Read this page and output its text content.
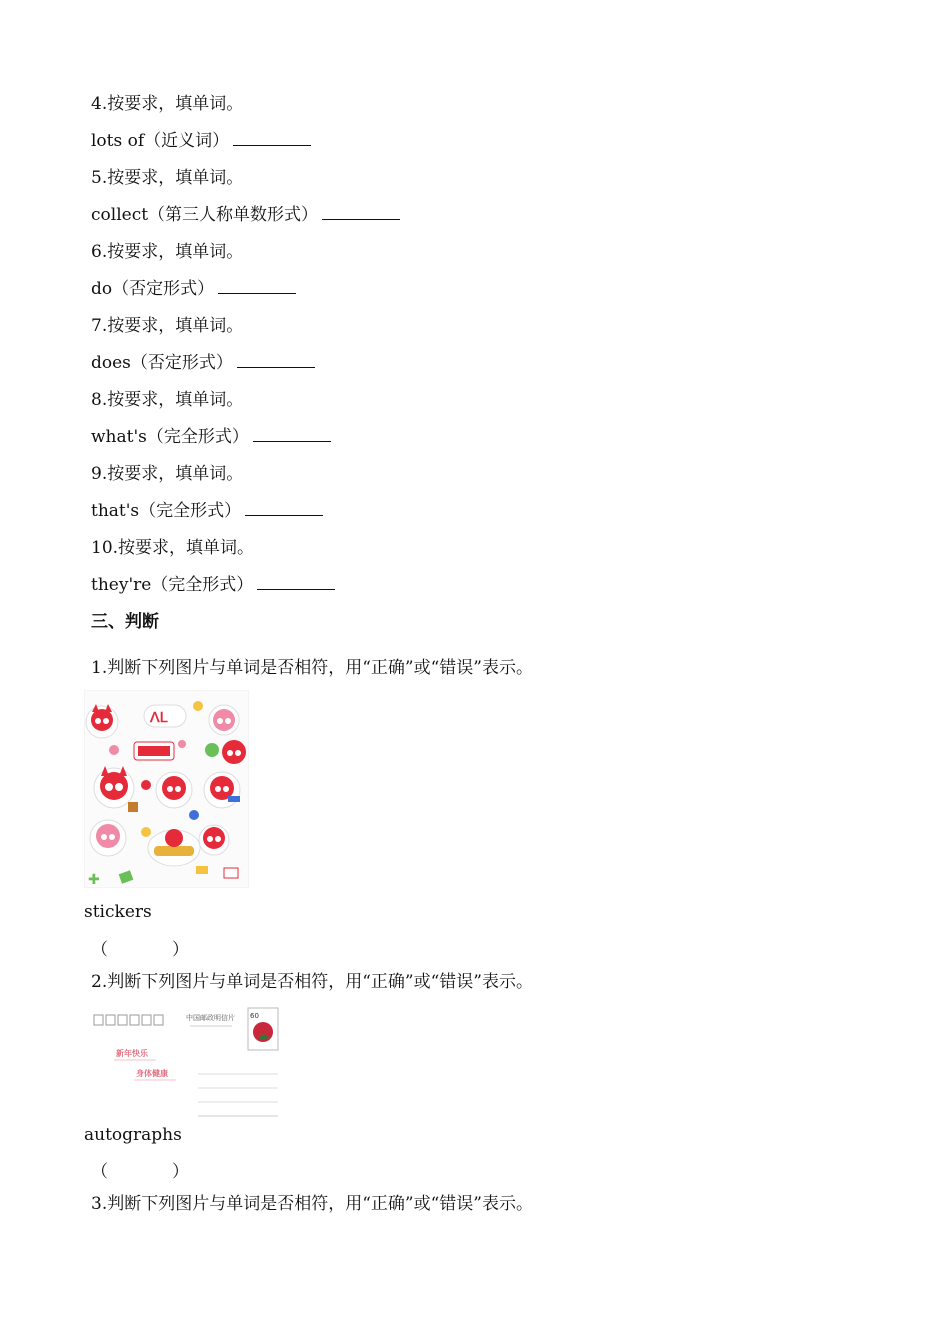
4.按要求，填单词。
lots of（近义词）
5.按要求，填单词。
collect（第三人称单数形式）
6.按要求，填单词。
do（否定形式）
7.按要求，填单词。
does（否定形式）
8.按要求，填单词。
what's（完全形式）
9.按要求，填单词。
that's（完全形式）
10.按要求，填单词。
they're（完全形式）
三、判断
1.判断下列图片与单词是否相符，用“正确”或“错误”表示。
ᐱᒪ
✚
stickers
（	）
2.判断下列图片与单词是否相符，用“正确”或“错误”表示。
中国邮政明信片 60
新年快乐
身体健康
autographs
（	）
3.判断下列图片与单词是否相符，用“正确”或“错误”表示。
